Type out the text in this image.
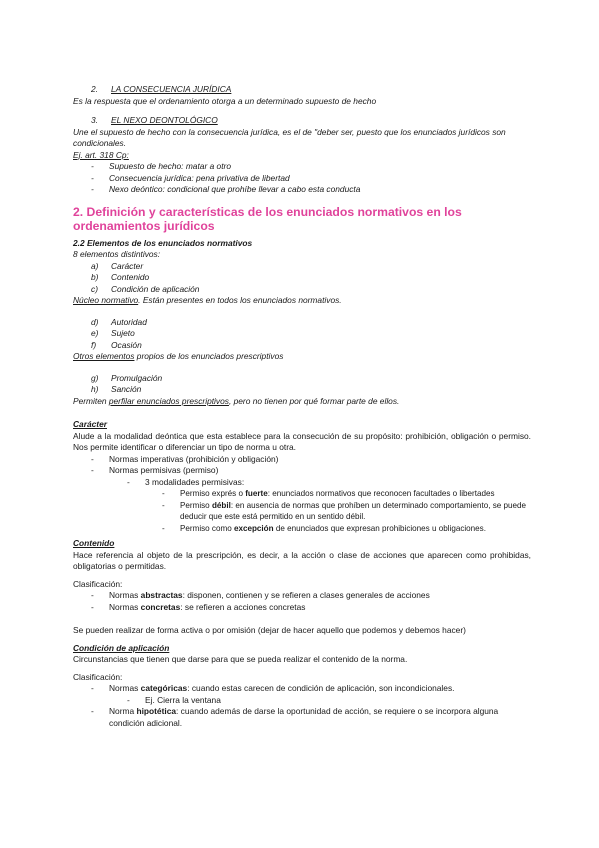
2. LA CONSECUENCIA JURÍDICA
Es la respuesta que el ordenamiento otorga a un determinado supuesto de hecho
3. EL NEXO DEONTOLÓGICO
Une el supuesto de hecho con la consecuencia jurídica, es el de "deber ser, puesto que los enunciados jurídicos son condicionales.
Ej. art. 318 Cp:
- Supuesto de hecho: matar a otro
- Consecuencia jurídica: pena privativa de libertad
- Nexo deóntico: condicional que prohíbe llevar a cabo esta conducta
2. Definición y características de los enunciados normativos en los ordenamientos jurídicos
2.2 Elementos de los enunciados normativos
8 elementos distintivos:
a) Carácter
b) Contenido
c) Condición de aplicación
Núcleo normativo. Están presentes en todos los enunciados normativos.
d) Autoridad
e) Sujeto
f) Ocasión
Otros elementos propios de los enunciados prescriptivos
g) Promulgación
h) Sanción
Permiten perfilar enunciados prescriptivos, pero no tienen por qué formar parte de ellos.
Carácter
Alude a la modalidad deóntica que esta establece para la consecución de su propósito: prohibición, obligación o permiso. Nos permite identificar o diferenciar un tipo de norma u otra.
- Normas imperativas (prohibición y obligación)
- Normas permisivas (permiso)
- 3 modalidades permisivas:
-	Permiso exprés o fuerte: enunciados normativos que reconocen facultades o libertades
-	Permiso débil: en ausencia de normas que prohíben un determinado comportamiento, se puede deducir que este está permitido en un sentido débil.
-	Permiso como excepción de enunciados que expresan prohibiciones u obligaciones.
Contenido
Hace referencia al objeto de la prescripción, es decir, a la acción o clase de acciones que aparecen como prohibidas, obligatorias o permitidas.
Clasificación:
- Normas abstractas: disponen, contienen y se refieren a clases generales de acciones
- Normas concretas: se refieren a acciones concretas
Se pueden realizar de forma activa o por omisión (dejar de hacer aquello que podemos y debemos hacer)
Condición de aplicación
Circunstancias que tienen que darse para que se pueda realizar el contenido de la norma.
Clasificación:
- Normas categóricas: cuando estas carecen de condición de aplicación, son incondicionales.
- Ej. Cierra la ventana
-	Norma hipotética: cuando además de darse la oportunidad de acción, se requiere o se incorpora alguna condición adicional.
